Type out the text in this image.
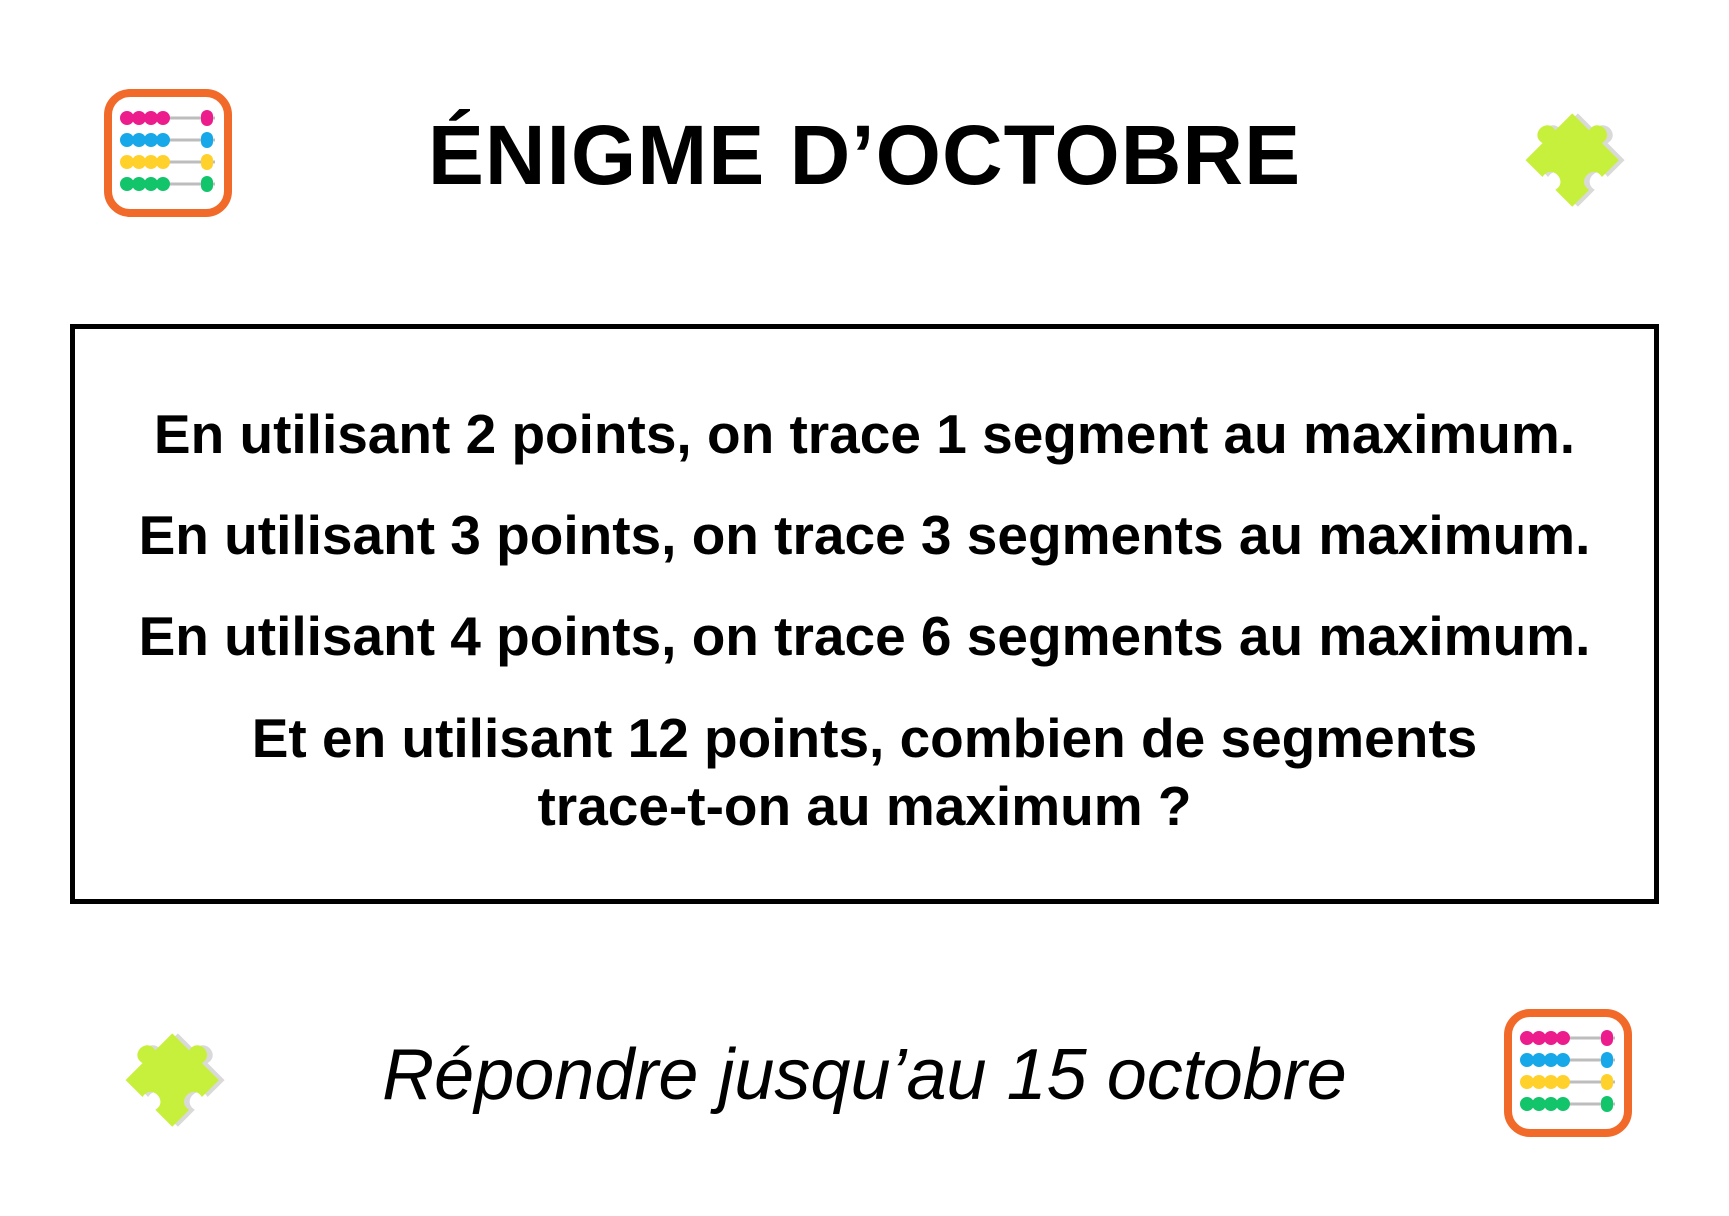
ÉNIGME D’OCTOBRE

En utilisant 2 points, on trace 1 segment au maximum.

En utilisant 3 points, on trace 3 segments au maximum.

En utilisant 4 points, on trace 6 segments au maximum.

Et en utilisant 12 points, combien de segments trace-t-on au maximum ?

Répondre jusqu’au 15 octobre
